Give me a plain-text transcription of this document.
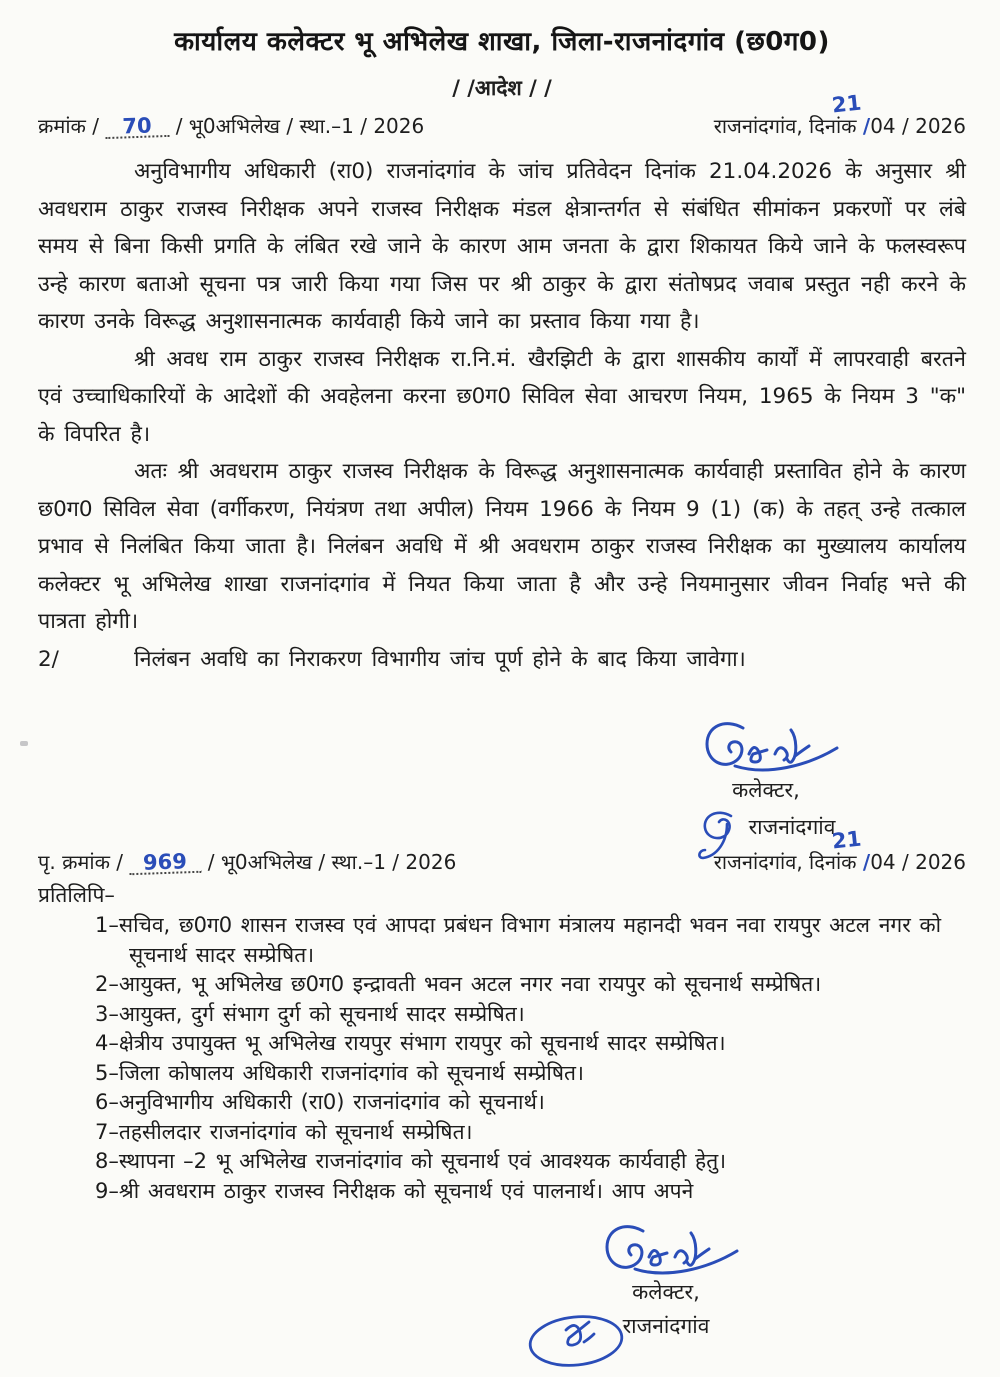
कार्यालय कलेक्टर भू अभिलेख शाखा, जिला-राजनांदगांव (छ0ग0)
/ /आदेश / /
क्रमांक / 70 / भू0अभिलेख / स्था.–1 / 2026	राजनांदगांव, दिनांक
21
/04 / 2026

अनुविभागीय अधिकारी (रा0) राजनांदगांव के जांच प्रतिवेदन दिनांक 21.04.2026 के अनुसार श्री अवधराम ठाकुर राजस्व निरीक्षक अपने राजस्व निरीक्षक मंडल क्षेत्रान्तर्गत से संबंधित सीमांकन प्रकरणों पर लंबे समय से बिना किसी प्रगति के लंबित रखे जाने के कारण आम जनता के द्वारा शिकायत किये जाने के फलस्वरूप उन्हे कारण बताओ सूचना पत्र जारी किया गया जिस पर श्री ठाकुर के द्वारा संतोषप्रद जवाब प्रस्तुत नही करने के कारण उनके विरूद्ध अनुशासनात्मक कार्यवाही किये जाने का प्रस्ताव किया गया है।

श्री अवध राम ठाकुर राजस्व निरीक्षक रा.नि.मं. खैरझिटी के द्वारा शासकीय कार्यों में लापरवाही बरतने एवं उच्चाधिकारियों के आदेशों की अवहेलना करना छ0ग0 सिविल सेवा आचरण नियम, 1965 के नियम 3 "क" के विपरित है।

अतः श्री अवधराम ठाकुर राजस्व निरीक्षक के विरूद्ध अनुशासनात्मक कार्यवाही प्रस्तावित होने के कारण छ0ग0 सिविल सेवा (वर्गीकरण, नियंत्रण तथा अपील) नियम 1966 के नियम 9 (1) (क) के तहत् उन्हे तत्काल प्रभाव से निलंबित किया जाता है। निलंबन अवधि में श्री अवधराम ठाकुर राजस्व निरीक्षक का मुख्यालय कार्यालय कलेक्टर भू अभिलेख शाखा राजनांदगांव में नियत किया जाता है और उन्हे नियमानुसार जीवन निर्वाह भत्ते की पात्रता होगी।

2/	निलंबन अवधि का निराकरण विभागीय जांच पूर्ण होने के बाद किया जावेगा।

कलेक्टर,
राजनांदगांव
पृ. क्रमांक / 969 / भू0अभिलेख / स्था.–1 / 2026	राजनांदगांव, दिनांक
21
/04 / 2026
प्रतिलिपि–
1–सचिव, छ0ग0 शासन राजस्व एवं आपदा प्रबंधन विभाग मंत्रालय महानदी भवन नवा रायपुर अटल नगर को सूचनार्थ सादर सम्प्रेषित।
2–आयुक्त, भू अभिलेख छ0ग0 इन्द्रावती भवन अटल नगर नवा रायपुर को सूचनार्थ सम्प्रेषित।
3–आयुक्त, दुर्ग संभाग दुर्ग को सूचनार्थ सादर सम्प्रेषित।
4–क्षेत्रीय उपायुक्त भू अभिलेख रायपुर संभाग रायपुर को सूचनार्थ सादर सम्प्रेषित।
5–जिला कोषालय अधिकारी राजनांदगांव को सूचनार्थ सम्प्रेषित।
6–अनुविभागीय अधिकारी (रा0) राजनांदगांव को सूचनार्थ।
7–तहसीलदार राजनांदगांव को सूचनार्थ सम्प्रेषित।
8–स्थापना –2 भू अभिलेख राजनांदगांव को सूचनार्थ एवं आवश्यक कार्यवाही हेतु।
9–श्री अवधराम ठाकुर राजस्व निरीक्षक को सूचनार्थ एवं पालनार्थ। आप अपने
कलेक्टर,
राजनांदगांव
